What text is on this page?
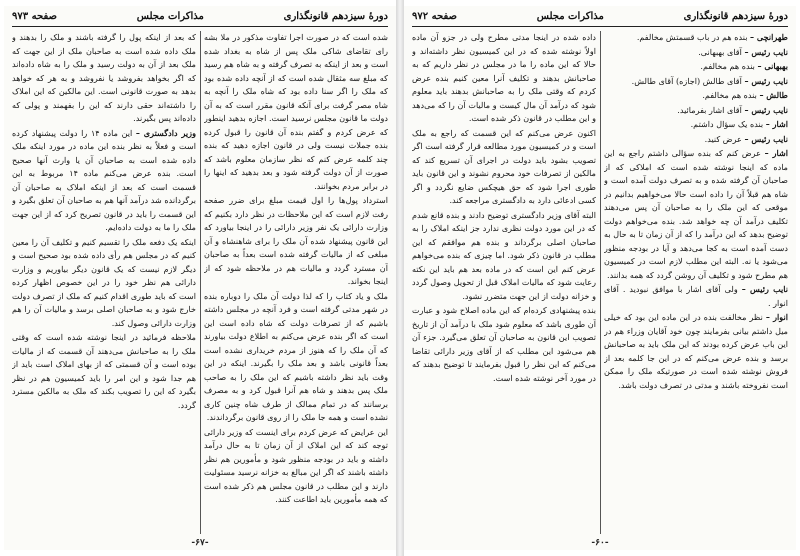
دورهٔ سیزدهم قانونگذاری
مذاکرات مجلس
صفحه ۹۷۳

شده است که در صورت اجرا تفاوت مذکور در ملا بشه رای تقاضای شاکی ملک پس از شاه به بغداد شده است و بعد از اینکه به تصرف گرفته و به شاه هم رسید که مبلغ سه مثقال شده است که از آنچه داده شده بود که ملک را اگر سنا داده بود که شاه ملک را آنچه به شاه مصر گرفت برای آنکه قانون مقرر است که به آن دولت ما قانون مجلس نرسید است. اجازه بدهید اینطور که عرض کردم و گفتم بنده آن قانون را قبول کرده بنده جملات نیست ولی در قانون اجازه دهید که بنده چند کلمه عرض کنم که نظر سازمان معلوم باشد که صورت از آن دولت گرفته شود و بعد بدهید که اینها را در برابر مردم بخوانند.

استرداد پول‌ها را اول قیمت مبلغ برای ضرر صفحه رفت لازم است که این ملاحظات در نظر دارد بکنیم که وزارت دارائی یک نفر وزیر دارائی را در اینجا بیاورد که این قانون پیشنهاد شده آن ملک را برای شاهنشاه و آن مبلغی که از مالیات گرفته شده است بعداً به صاحبان آن مسترد گردد و مالیات هم در ملاحظه شود که از اینجا بخواند.

ملک و یاد کتاب را که لذا دولت آن ملک را دوباره بنده در شهر مدتی گرفته است و فرد آنچه در مجلس داشته باشیم که از تصرفات دولت که شاه داده است این است که اگر بنده عرض می‌کنم به اطلاع دولت بیاورند که آن ملک را که هنوز از مردم خریداری نشده است بعداً قانونی باشد و بعد ملک را بگیرند. اینکه در این وقت باید نظر داشته باشیم که این ملک را به صاحب ملک پس بدهند و شاه هم آنرا قبول کرد و به مصرف برسانند که در تمام ممالک از طرف شاه چنین کاری نشده است و همه جا ملک را از روی قانون برگرداندند.

این عرایض که عرض کردم برای اینست که وزیر دارائی توجه کند که این املاک از آن زمان تا به حال درآمد داشته و باید در بودجه منظور شود و مأمورین هم نظر داشته باشند که اگر این مبالغ به خزانه نرسید مسئولیت دارند و این مطلب در قانون مجلس هم ذکر شده است که همه مأمورین باید اطاعت کنند.

که بعد از اینکه پول را گرفته باشند و ملک را بدهند و ملک داده شده است به صاحبان ملک از این جهت که ملک بعد از آن به دولت رسید و ملک را به شاه داده‌اند که اگر بخواهد بفروشد یا نفروشد و به هر که خواهد بدهد به صورت قانونی است. این مالکین که این املاک را داشته‌اند حقی دارند که این را بفهمند و پولی که داده‌اند پس بگیرند.

وزیر دادگستری – این ماده ۱۴ را دولت پیشنهاد کرده است و فعلاً به نظر بنده این ماده در مورد اینکه ملک داده شده است به صاحبان آن یا وارث آنها صحیح است. بنده عرض می‌کنم ماده ۱۴ مربوط به این قسمت است که بعد از اینکه املاک به صاحبان آن برگردانده شد درآمد آنها هم به صاحبان آن تعلق بگیرد و این قسمت را باید در قانون تصریح کرد که از این جهت ملک را ما به دولت داده‌ایم.

اینکه یک دفعه ملک را تقسیم کنیم و تکلیف آن را معین کنیم که در مجلس هم رأی داده شده بود صحیح است و دیگر لازم نیست که یک قانون دیگر بیاوریم و وزارت دارائی هم نظر خود را در این خصوص اظهار کرده است که باید طوری اقدام کنیم که ملک از تصرف دولت خارج شود و به صاحبان اصلی برسد و مالیات آن را هم وزارت دارائی وصول کند.

ملاحظه فرمائید در اینجا نوشته شده است که وقتی ملک را به صاحبانش می‌دهند آن قسمت که از مالیات بوده است و آن قسمتی که از بهای املاک است باید از هم جدا شود و این امر را باید کمیسیون هم در نظر بگیرد که این را تصویب بکند که ملک به مالکین مسترد گردد.

-۶۷-
دورهٔ سیزدهم قانونگذاری
مذاکرات مجلس
صفحه ۹۷۲

طهرانچی – بنده هم در باب قسمتش مخالفم.

نایب رئیس – آقای بهبهانی.

بهبهانی – بنده هم مخالفم.

نایب رئیس – آقای طالش (اجازه) آقای طالش.

طالش – بنده هم مخالفم.

نایب رئیس – آقای اشار بفرمائید.

اشار – بنده یک سؤال داشتم.

نایب رئیس – عرض کنید.

اشار – عرض کنم که بنده سؤالی داشتم راجع به این ماده که اینجا نوشته شده است که املاکی که از صاحبان آن گرفته شده و به تصرف دولت آمده است و شاه هم قبلاً آن را داده است حالا می‌خواهیم بدانیم در موقعی که این ملک را به صاحبان آن پس می‌دهند تکلیف درآمد آن چه خواهد شد. بنده می‌خواهم دولت توضیح بدهد که این درآمد را که از آن زمان تا به حال به دست آمده است به کجا می‌دهد و آیا در بودجه منظور می‌شود یا نه. البته این مطلب لازم است در کمیسیون هم مطرح شود و تکلیف آن روشن گردد که همه بدانند.

نایب رئیس – ولی آقای اشار با موافق نبودید . آقای انوار .

انوار – نظر مخالفت بنده در این ماده این بود که خیلی میل داشتم بیانی بفرمایند چون خود آقایان وزراء هم در این باب عرض کرده بودند که این ملک باید به صاحبانش برسد و بنده عرض می‌کنم که در این جا کلمه بعد از فروش نوشته شده است در صورتیکه ملک را ممکن است نفروخته باشند و مدتی در تصرف دولت باشد.

داده شده در اینجا مدتی مطرح ولی در جزو آن ماده اولاً نوشته شده که در این کمیسیون نظر داشته‌اند و حالا که این ماده را ما در مجلس در نظر داریم که به صاحبانش بدهند و تکلیف آنرا معین کنیم بنده عرض کردم که وقتی ملک را به صاحبانش بدهند باید معلوم شود که درآمد آن مال کیست و مالیات آن را که می‌دهد و این مطلب در قانون ذکر شده است.

اکنون عرض می‌کنم که این قسمت که راجع به ملک است و در کمیسیون مورد مطالعه قرار گرفته است اگر تصویب بشود باید دولت در اجرای آن تسریع کند که مالکین از تصرفات خود محروم نشوند و این قانون باید طوری اجرا شود که حق هیچکس ضایع نگردد و اگر کسی ادعائی دارد به دادگستری مراجعه کند.

البته آقای وزیر دادگستری توضیح دادند و بنده قانع شدم که در این مورد دولت نظری ندارد جز اینکه املاک را به صاحبان اصلی برگرداند و بنده هم موافقم که این مطلب در قانون ذکر شود. اما چیزی که بنده می‌خواهم عرض کنم این است که در ماده بعد هم باید این نکته رعایت شود که مالیات املاک قبل از تحویل وصول گردد و خزانه دولت از این جهت متضرر نشود.

بنده پیشنهادی کرده‌ام که این ماده اصلاح شود و عبارت آن طوری باشد که معلوم شود ملک با درآمد آن از تاریخ تصویب این قانون به صاحبان آن تعلق می‌گیرد. جزء آن هم می‌شود این مطلب که از آقای وزیر دارائی تقاضا می‌کنم که این نظر را قبول بفرمایند تا توضیح بدهند که در مورد آخر نوشته شده است.

-۶۰-
